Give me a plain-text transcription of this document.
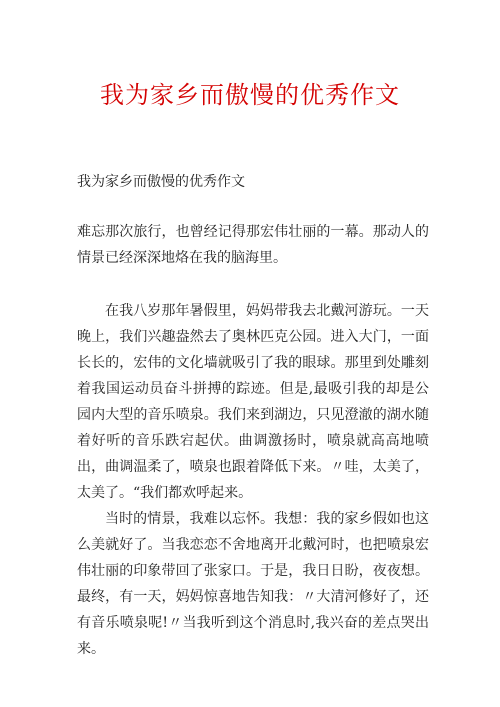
我为家乡而傲慢的优秀作文
我为家乡而傲慢的优秀作文

难忘那次旅行，也曾经记得那宏伟壮丽的一幕。那动人的情景已经深深地烙在我的脑海里。

在我八岁那年暑假里，妈妈带我去北戴河游玩。一天晚上，我们兴趣盎然去了奥林匹克公园。进入大门，一面长长的，宏伟的文化墙就吸引了我的眼球。那里到处雕刻着我国运动员奋斗拼搏的踪迹。但是,最吸引我的却是公园内大型的音乐喷泉。我们来到湖边，只见澄澈的湖水随着好听的音乐跌宕起伏。曲调激扬时，喷泉就高高地喷出，曲调温柔了，喷泉也跟着降低下来。〃哇，太美了，太美了。“我们都欢呼起来。

当时的情景，我难以忘怀。我想：我的家乡假如也这么美就好了。当我恋恋不舍地离开北戴河时，也把喷泉宏伟壮丽的印象带回了张家口。于是，我日日盼，夜夜想。最终，有一天，妈妈惊喜地告知我：〃大清河修好了，还有音乐喷泉呢!〃当我听到这个消息时,我兴奋的差点哭出来。
